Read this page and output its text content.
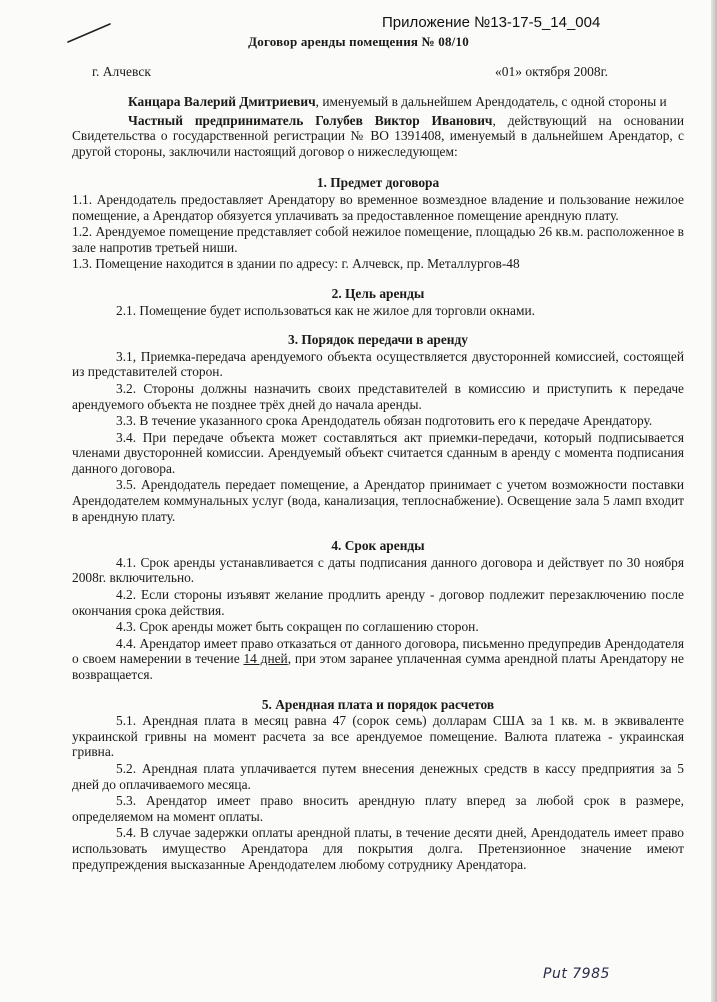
Приложение №13-17-5_14_004
Договор аренды помещения № 08/10
г. Алчевск	«01» октября 2008г.

Канцара Валерий Дмитриевич, именуемый в дальнейшем Арендодатель, с одной стороны и

Частный предприниматель Голубев Виктор Иванович, действующий на основании Свидетельства о государственной регистрации № ВО 1391408, именуемый в дальнейшем Арендатор, с другой стороны, заключили настоящий договор о нижеследующем:

1. Предмет договора

1.1. Арендодатель предоставляет Арендатору во временное возмездное владение и пользование нежилое помещение, а Арендатор обязуется уплачивать за предоставленное помещение арендную плату.

1.2. Арендуемое помещение представляет собой нежилое помещение, площадью 26 кв.м. расположенное в зале напротив третьей ниши.

1.3. Помещение находится в здании по адресу: г. Алчевск, пр. Металлургов-48

2. Цель аренды

2.1. Помещение будет использоваться как не жилое для торговли окнами.

3. Порядок передачи в аренду

3.1, Приемка-передача арендуемого объекта осуществляется двусторонней комиссией, состоящей из представителей сторон.

3.2. Стороны должны назначить своих представителей в комиссию и приступить к передаче арендуемого объекта не позднее трёх дней до начала аренды.

3.3. В течение указанного срока Арендодатель обязан подготовить его к передаче Арендатору.

3.4. При передаче объекта может составляться акт приемки-передачи, который подписывается членами двусторонней комиссии. Арендуемый объект считается сданным в аренду с момента подписания данного договора.

3.5. Арендодатель передает помещение, а Арендатор принимает с учетом возможности поставки Арендодателем коммунальных услуг (вода, канализация, теплоснабжение). Освещение зала 5 ламп входит в арендную плату.

4. Срок аренды

4.1. Срок аренды устанавливается с даты подписания данного договора и действует по 30 ноября 2008г. включительно.

4.2. Если стороны изъявят желание продлить аренду - договор подлежит перезаключению после окончания срока действия.

4.3. Срок аренды может быть сокращен по соглашению сторон.

4.4. Арендатор имеет право отказаться от данного договора, письменно предупредив Арендодателя о своем намерении в течение 14 дней, при этом заранее уплаченная сумма арендной платы Арендатору не возвращается.

5. Арендная плата и порядок расчетов

5.1. Арендная плата в месяц равна 47 (сорок семь) долларам США за 1 кв. м. в эквиваленте украинской гривны на момент расчета за все арендуемое помещение. Валюта платежа - украинская гривна.

5.2. Арендная плата уплачивается путем внесения денежных средств в кассу предприятия за 5 дней до оплачиваемого месяца.

5.3. Арендатор имеет право вносить арендную плату вперед за любой срок в размере, определяемом на момент оплаты.

5.4. В случае задержки оплаты арендной платы, в течение десяти дней, Арендодатель имеет право использовать имущество Арендатора для покрытия долга. Претензионное значение имеют предупреждения высказанные Арендодателем любому сотруднику Арендатора.

Put 7985
